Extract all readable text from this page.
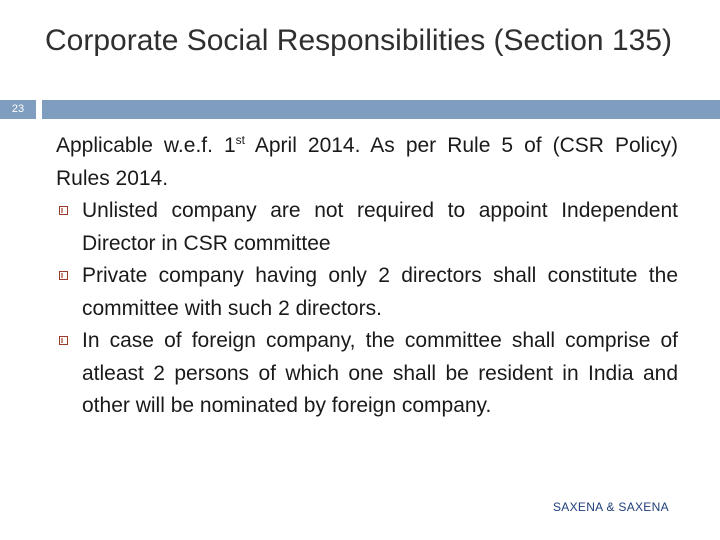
Corporate Social Responsibilities (Section 135)
23

Applicable w.e.f. 1st April 2014. As per Rule 5 of (CSR Policy) Rules 2014.

Unlisted company are not required to appoint Independent Director in CSR committee
Private company having only 2 directors shall constitute the committee with such 2 directors.
In case of foreign company, the committee shall comprise of atleast 2 persons of which one shall be resident in India and other will be nominated by foreign company.
SAXENA & SAXENA
